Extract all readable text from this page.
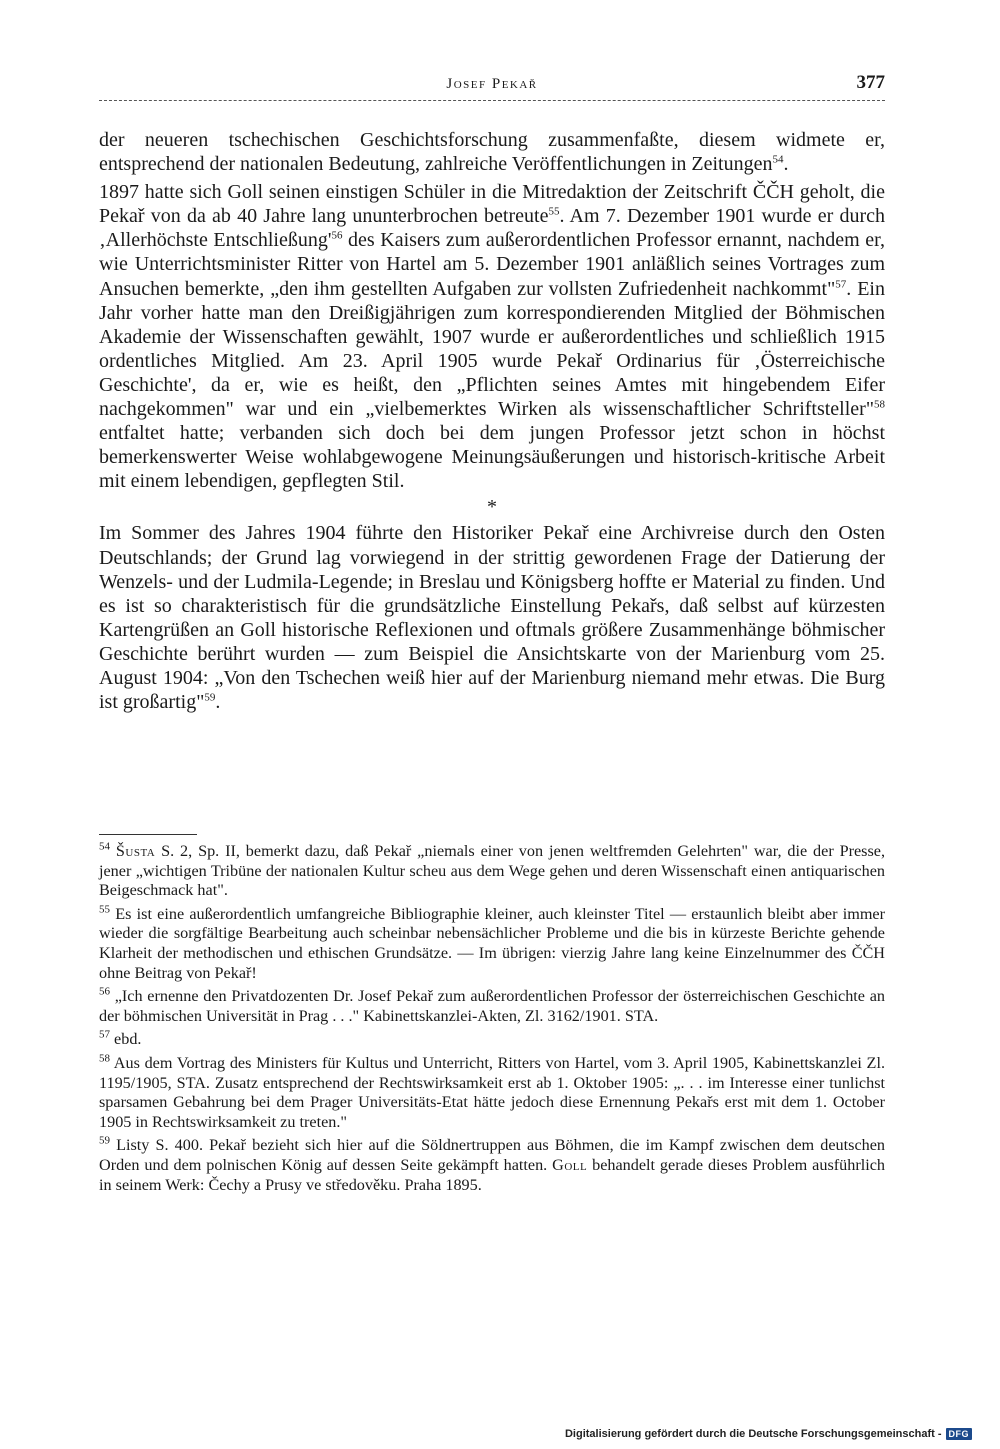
Josef Pekař	377

der neueren tschechischen Geschichtsforschung zusammenfaßte, diesem widmete er, entsprechend der nationalen Bedeutung, zahlreiche Veröffentlichungen in Zeitungen$^{54}$.

1897 hatte sich Goll seinen einstigen Schüler in die Mitredaktion der Zeitschrift ČČH geholt, die Pekař von da ab 40 Jahre lang ununterbrochen betreute$^{55}$. Am 7. Dezember 1901 wurde er durch ‚Allerhöchste $Entschließung'^{56}$ des Kaisers zum außerordentlichen Professor ernannt, nachdem er, wie Unterrichtsminister Ritter von Hartel am 5. Dezember 1901 anläßlich seines Vortrages zum Ansuchen bemerkte, „den ihm gestellten Aufgaben zur vollsten Zufriedenheit nachkommt"$^{57}$. Ein Jahr vorher hatte man den Dreißigjährigen zum korrespondierenden Mitglied der Böhmischen Akademie der Wissenschaften gewählt, 1907 wurde er außerordentliches und schließlich 1915 ordentliches Mitglied. Am 23. April 1905 wurde Pekař Ordinarius für ‚Österreichische Geschichte', da er, wie es heißt, den „Pflichten seines Amtes mit hingebendem Eifer nachgekommen" war und ein „vielbemerktes Wirken als wissenschaftlicher Schriftsteller"$^{58}$ entfaltet hatte; verbanden sich doch bei dem jungen Professor jetzt schon in höchst bemerkenswerter Weise wohlabgewogene Meinungsäußerungen und historisch-kritische Arbeit mit einem lebendigen, gepflegten Stil.

*

Im Sommer des Jahres 1904 führte den Historiker Pekař eine Archivreise durch den Osten Deutschlands; der Grund lag vorwiegend in der strittig gewordenen Frage der Datierung der Wenzels- und der Ludmila-Legende; in Breslau und Königsberg hoffte er Material zu finden. Und es ist so charakteristisch für die grundsätzliche Einstellung Pekařs, daß selbst auf kürzesten Kartengrüßen an Goll historische Reflexionen und oftmals größere Zusammenhänge böhmischer Geschichte berührt wurden — zum Beispiel die Ansichtskarte von der Marienburg vom 25. August 1904: „Von den Tschechen weiß hier auf der Marienburg niemand mehr etwas. Die Burg ist großartig"$^{59}$.

$^{54}$ Šusta S. 2, Sp. II, bemerkt dazu, daß Pekař „niemals einer von jenen weltfremden Gelehrten" war, die der Presse, jener „wichtigen Tribüne der nationalen Kultur scheu aus dem Wege gehen und deren Wissenschaft einen antiquarischen Beigeschmack hat".

$^{55}$ Es ist eine außerordentlich umfangreiche Bibliographie kleiner, auch kleinster Titel — erstaunlich bleibt aber immer wieder die sorgfältige Bearbeitung auch scheinbar nebensächlicher Probleme und die bis in kürzeste Berichte gehende Klarheit der methodischen und ethischen Grundsätze. — Im übrigen: vierzig Jahre lang keine Einzelnummer des ČČH ohne Beitrag von Pekař!

$^{56}$ „Ich ernenne den Privatdozenten Dr. Josef Pekař zum außerordentlichen Professor der österreichischen Geschichte an der böhmischen Universität in Prag . . ." Kabinettskanzlei-Akten, Zl. 3162/1901. STA.

$^{57}$ ebd.

$^{58}$ Aus dem Vortrag des Ministers für Kultus und Unterricht, Ritters von Hartel, vom 3. April 1905, Kabinettskanzlei Zl. 1195/1905, STA. Zusatz entsprechend der Rechtswirksamkeit erst ab 1. Oktober 1905: „. . . im Interesse einer tunlichst sparsamen Gebahrung bei dem Prager Universitäts-Etat hätte jedoch diese Ernennung Pekařs erst mit dem 1. October 1905 in Rechtswirksamkeit zu treten."

$^{59}$ Listy S. 400. Pekař bezieht sich hier auf die Söldnertruppen aus Böhmen, die im Kampf zwischen dem deutschen Orden und dem polnischen König auf dessen Seite gekämpft hatten. Goll behandelt gerade dieses Problem ausführlich in seinem Werk: Čechy a Prusy ve středověku. Praha 1895.

Digitalisierung gefördert durch die Deutsche Forschungsgemeinschaft - DFG
